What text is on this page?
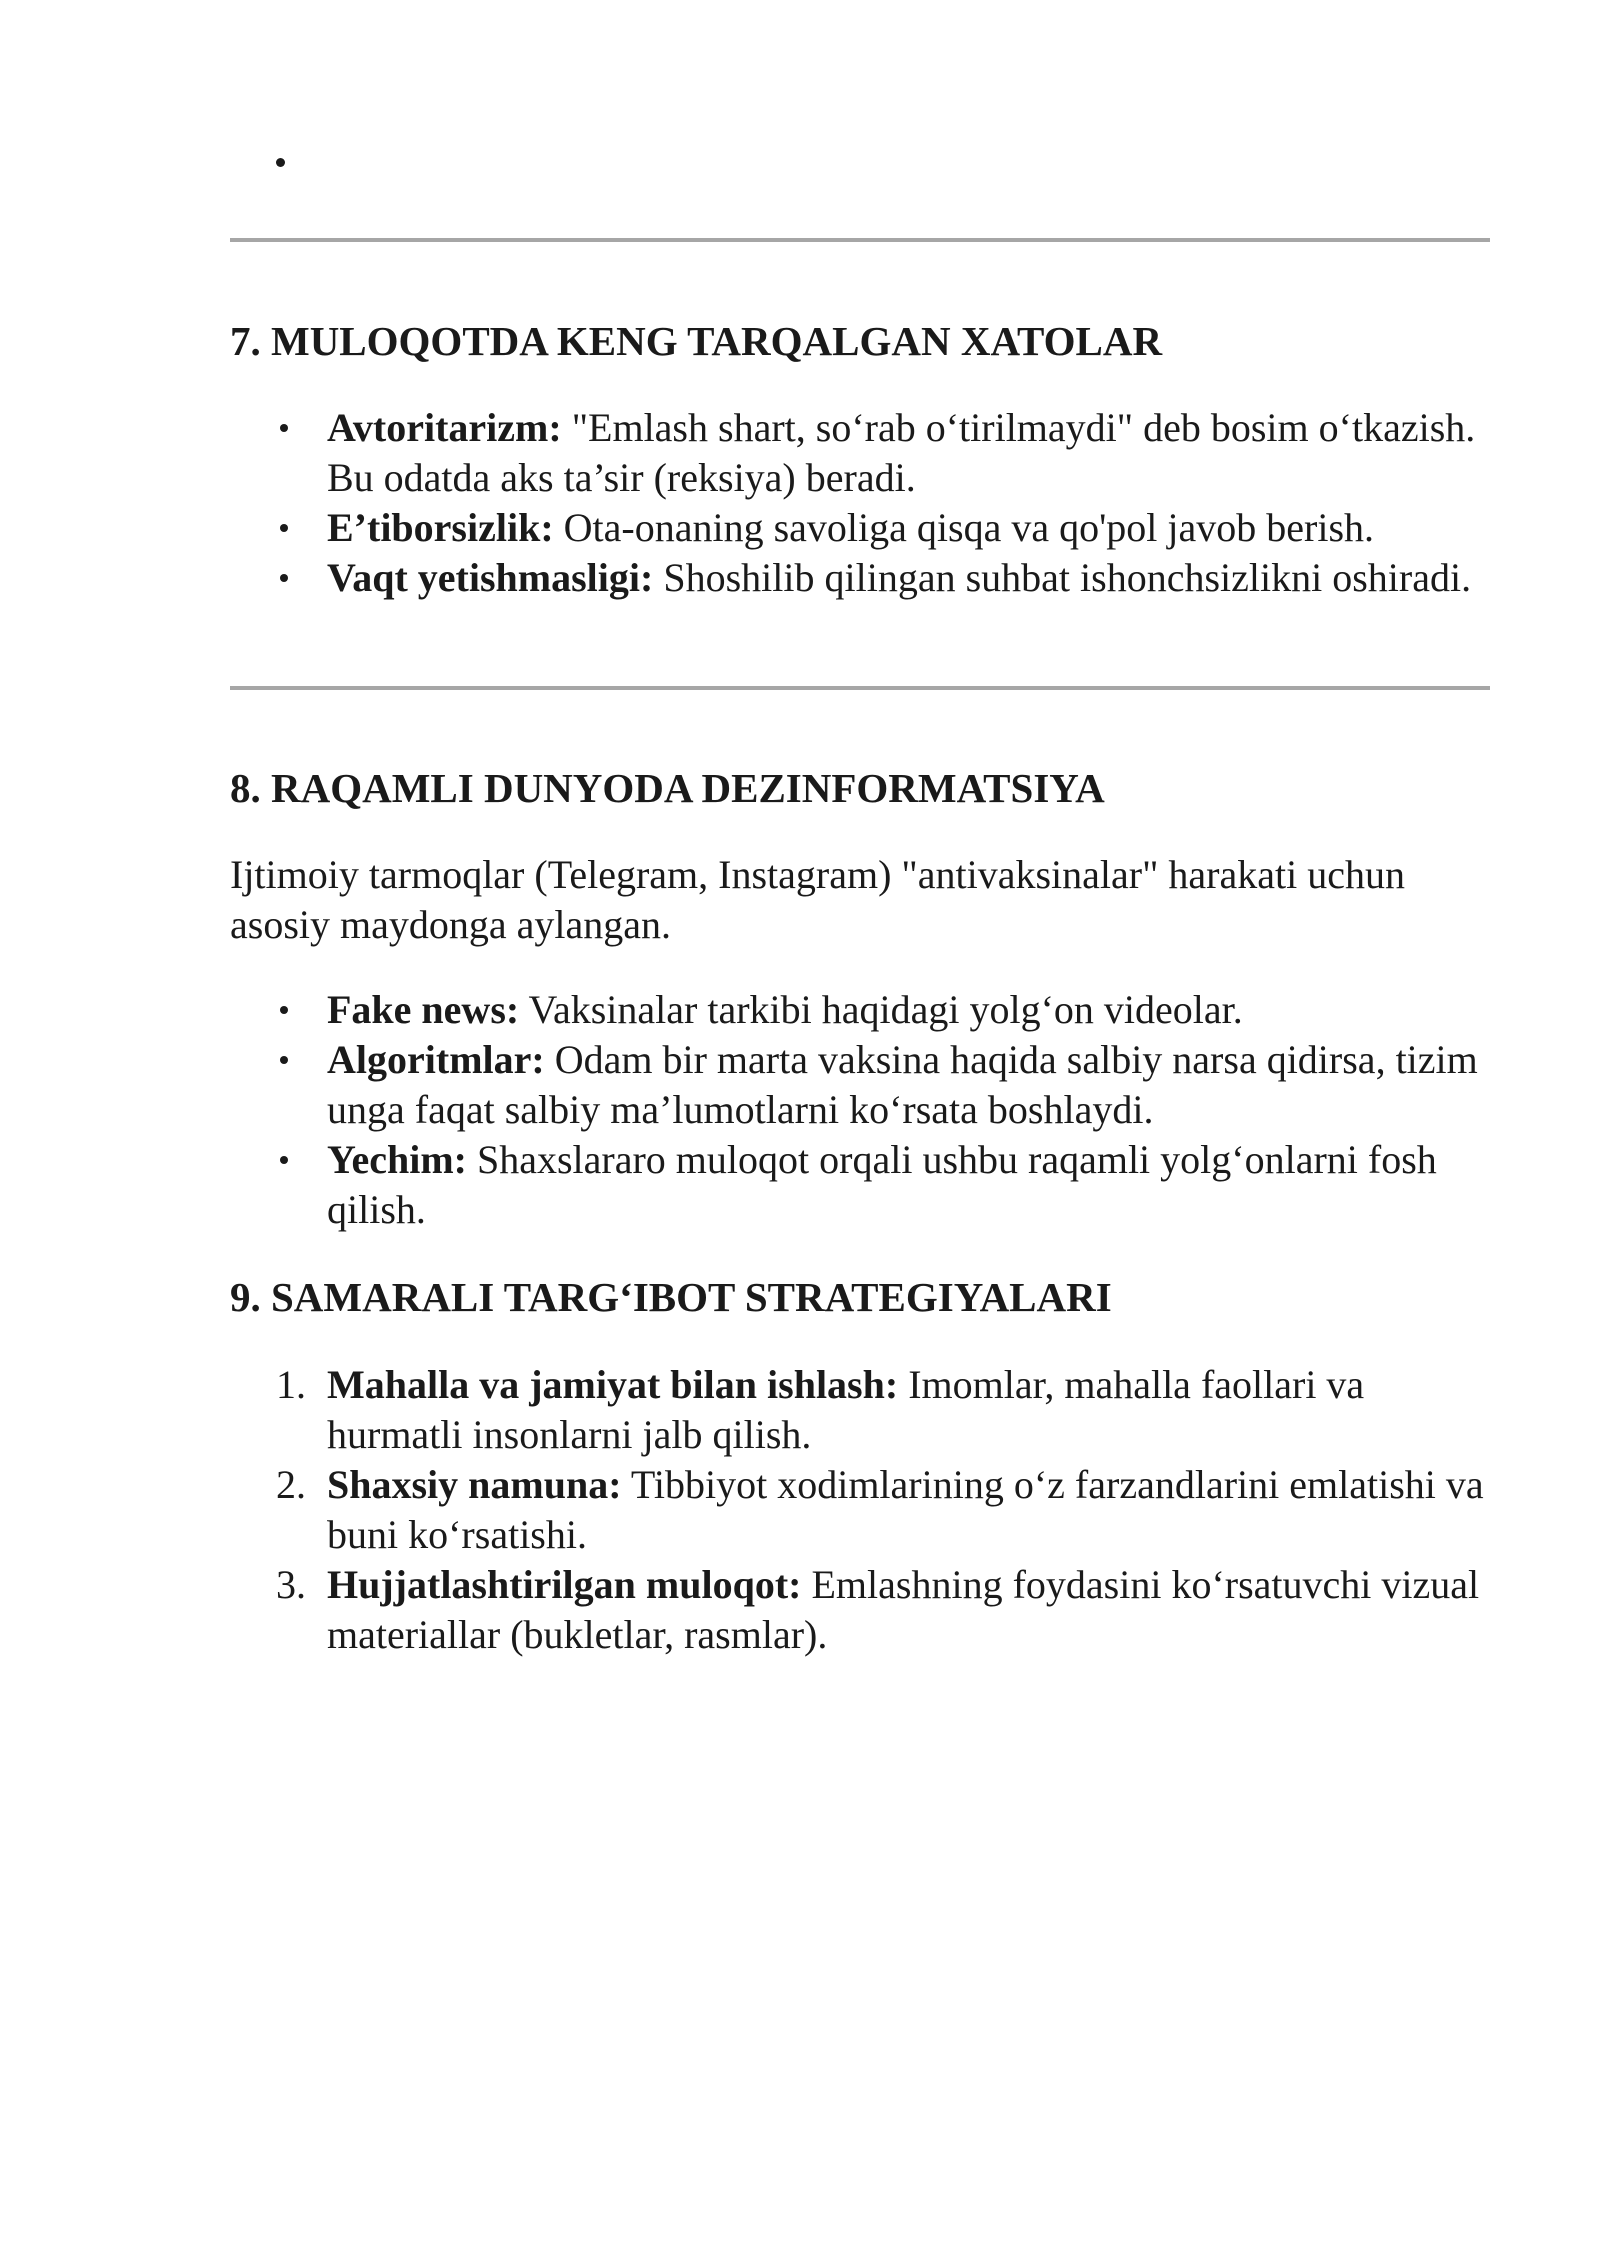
7. MULOQOTDA KENG TARQALGAN XATOLAR
Avtoritarizm: "Emlash shart, so‘rab o‘tirilmaydi" deb bosim o‘tkazish. Bu odatda aks ta’sir (reksiya) beradi.
E’tiborsizlik: Ota-onaning savoliga qisqa va qo'pol javob berish.
Vaqt yetishmasligi: Shoshilib qilingan suhbat ishonchsizlikni oshiradi.
8. RAQAMLI DUNYODA DEZINFORMATSIYA

Ijtimoiy tarmoqlar (Telegram, Instagram) "antivaksinalar" harakati uchun asosiy maydonga aylangan.

Fake news: Vaksinalar tarkibi haqidagi yolg‘on videolar.
Algoritmlar: Odam bir marta vaksina haqida salbiy narsa qidirsa, tizim unga faqat salbiy ma’lumotlarni ko‘rsata boshlaydi.
Yechim: Shaxslararo muloqot orqali ushbu raqamli yolg‘onlarni fosh qilish.
9. SAMARALI TARG‘IBOT STRATEGIYALARI
1. Mahalla va jamiyat bilan ishlash: Imomlar, mahalla faollari va hurmatli insonlarni jalb qilish.
2. Shaxsiy namuna: Tibbiyot xodimlarining o‘z farzandlarini emlatishi va buni ko‘rsatishi.
3. Hujjatlashtirilgan muloqot: Emlashning foydasini ko‘rsatuvchi vizual materiallar (bukletlar, rasmlar).
